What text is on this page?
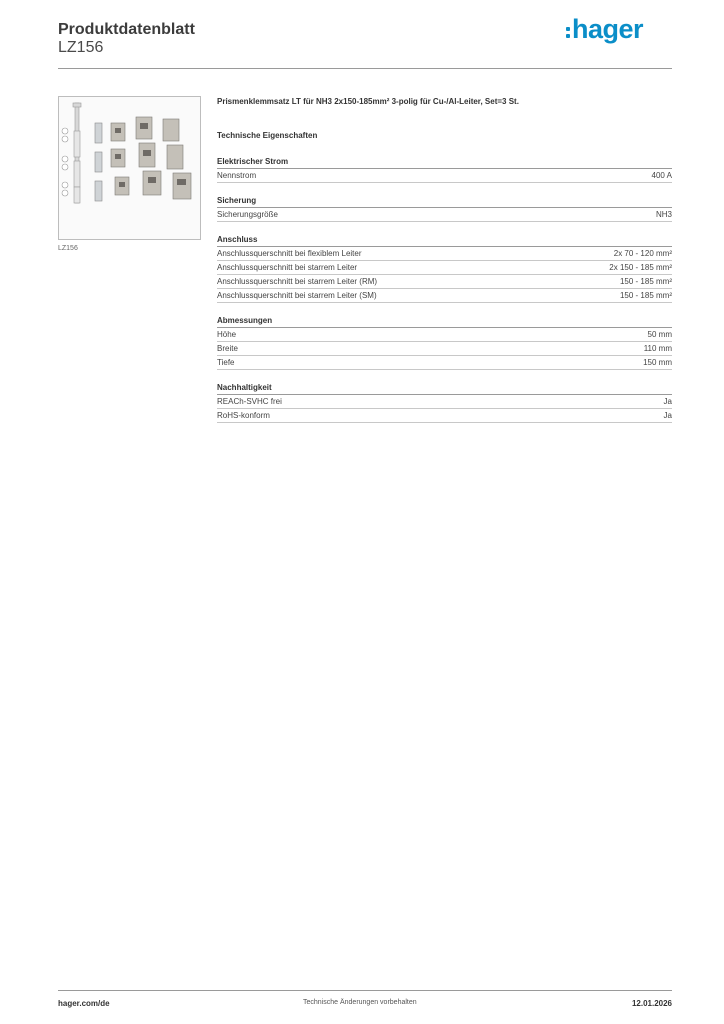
Produktdatenblatt
LZ156
hager
LZ156
Prismenklemmsatz LT für NH3 2x150-185mm² 3-polig für Cu-/Al-Leiter, Set=3 St.
Technische Eigenschaften
Elektrischer Strom
Nennstrom	400 A
Sicherung
Sicherungsgröße	NH3
Anschluss
Anschlussquerschnitt bei flexiblem Leiter	2x 70 - 120 mm²
Anschlussquerschnitt bei starrem Leiter	2x 150 - 185 mm²
Anschlussquerschnitt bei starrem Leiter (RM)	150 - 185 mm²
Anschlussquerschnitt bei starrem Leiter (SM)	150 - 185 mm²
Abmessungen
Höhe	50 mm
Breite	110 mm
Tiefe	150 mm
Nachhaltigkeit
REACh-SVHC frei	Ja
RoHS-konform	Ja
hager.com/de	Technische Änderungen vorbehalten	12.01.2026
